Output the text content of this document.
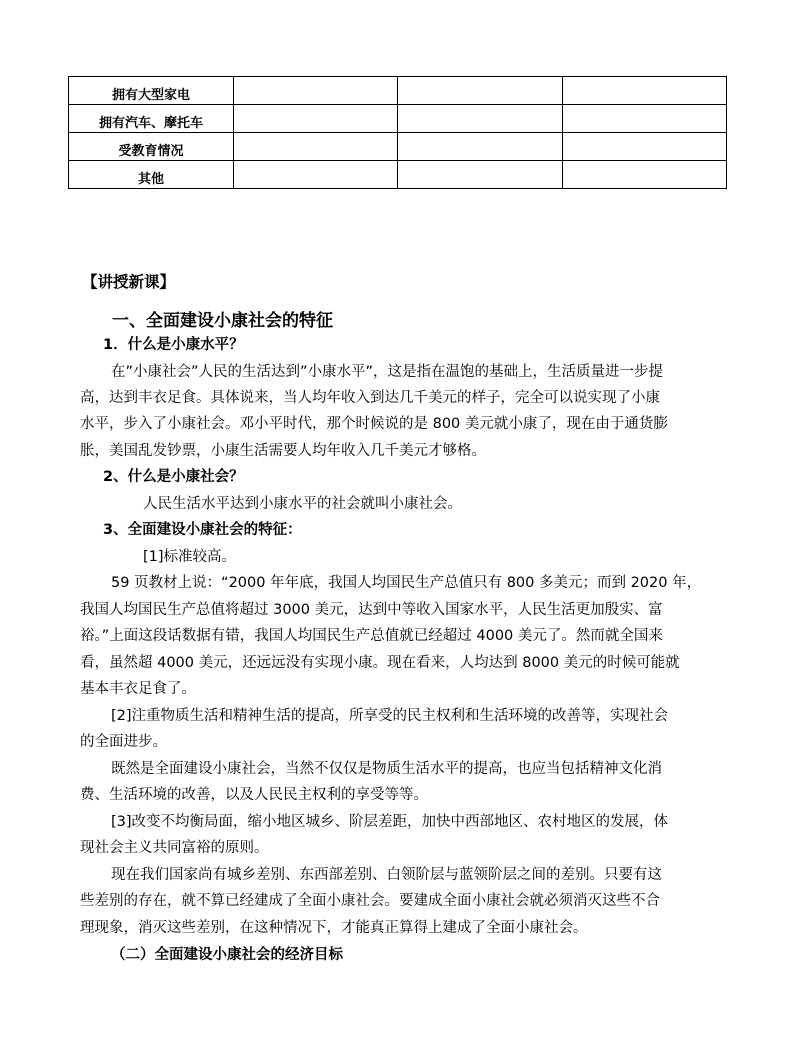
拥有大型家电			
拥有汽车、摩托车			
受教育情况			
其他			
【讲授新课】
一、全面建设小康社会的特征
1．什么是小康水平？
在”小康社会”人民的生活达到”小康水平”，这是指在温饱的基础上，生活质量进一步提
高，达到丰衣足食。具体说来，当人均年收入到达几千美元的样子，完全可以说实现了小康
水平，步入了小康社会。邓小平时代，那个时候说的是 800 美元就小康了，现在由于通货膨
胀，美国乱发钞票，小康生活需要人均年收入几千美元才够格。
2、什么是小康社会？
人民生活水平达到小康水平的社会就叫小康社会。
3、全面建设小康社会的特征：
[1]标准较高。
59 页教材上说：“2000 年年底，我国人均国民生产总值只有 800 多美元；而到 2020 年，
我国人均国民生产总值将超过 3000 美元，达到中等收入国家水平，人民生活更加殷实、富
裕。”上面这段话数据有错，我国人均国民生产总值就已经超过 4000 美元了。然而就全国来
看，虽然超 4000 美元，还远远没有实现小康。现在看来，人均达到 8000 美元的时候可能就
基本丰衣足食了。
[2]注重物质生活和精神生活的提高，所享受的民主权利和生活环境的改善等，实现社会
的全面进步。
既然是全面建设小康社会，当然不仅仅是物质生活水平的提高，也应当包括精神文化消
费、生活环境的改善，以及人民民主权利的享受等等。
[3]改变不均衡局面，缩小地区城乡、阶层差距，加快中西部地区、农村地区的发展，体
现社会主义共同富裕的原则。
现在我们国家尚有城乡差别、东西部差别、白领阶层与蓝领阶层之间的差别。只要有这
些差别的存在，就不算已经建成了全面小康社会。要建成全面小康社会就必须消灭这些不合
理现象，消灭这些差别，在这种情况下，才能真正算得上建成了全面小康社会。
（二）全面建设小康社会的经济目标
